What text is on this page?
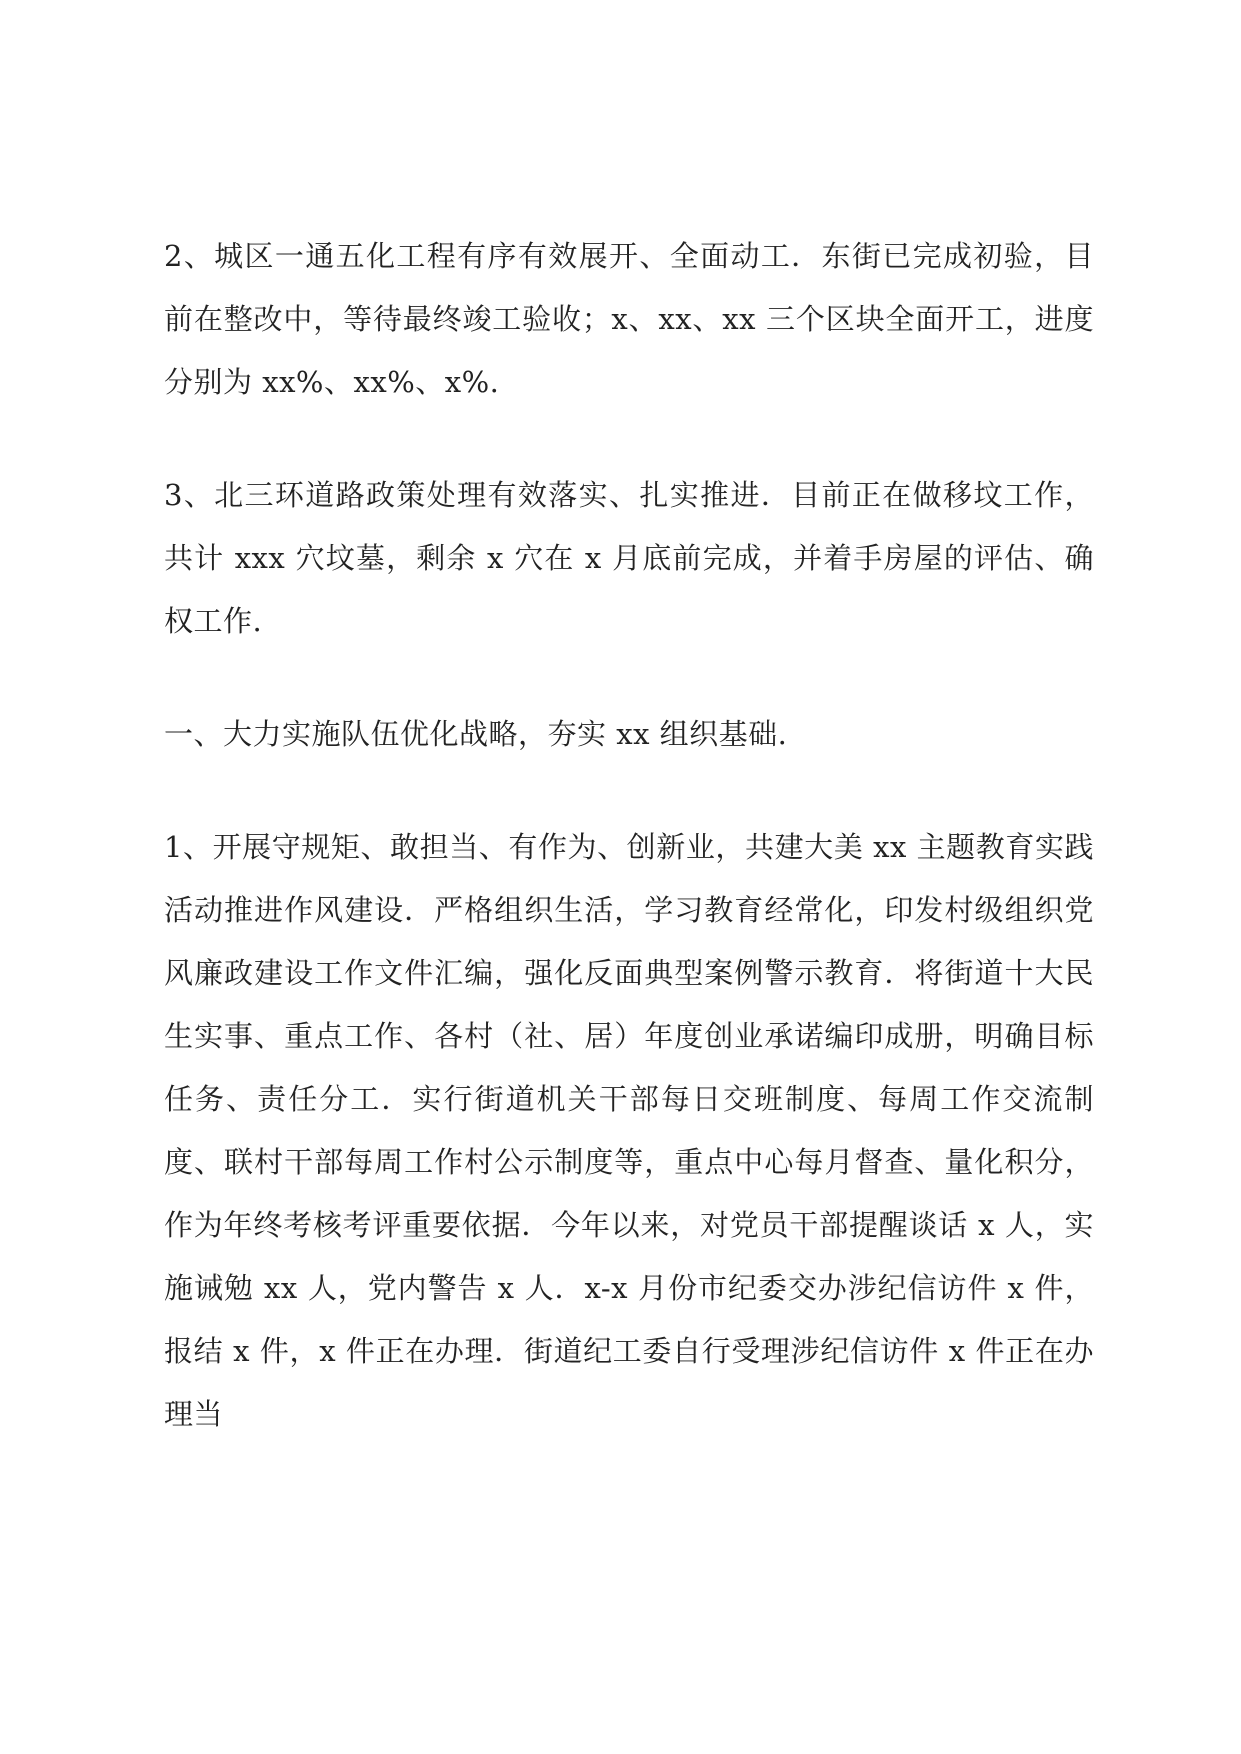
2、城区一通五化工程有序有效展开、全面动工．东街已完成初验，目前在整改中，等待最终竣工验收；x、xx、xx 三个区块全面开工，进度分别为 xx%、xx%、x%.

3、北三环道路政策处理有效落实、扎实推进．目前正在做移坟工作，共计 xxx 穴坟墓，剩余 x 穴在 x 月底前完成，并着手房屋的评估、确权工作.

一、大力实施队伍优化战略，夯实 xx 组织基础.

1、开展守规矩、敢担当、有作为、创新业，共建大美 xx 主题教育实践活动推进作风建设．严格组织生活，学习教育经常化，印发村级组织党风廉政建设工作文件汇编，强化反面典型案例警示教育．将街道十大民生实事、重点工作、各村（社、居）年度创业承诺编印成册，明确目标任务、责任分工．实行街道机关干部每日交班制度、每周工作交流制度、联村干部每周工作村公示制度等，重点中心每月督查、量化积分，作为年终考核考评重要依据．今年以来，对党员干部提醒谈话 x 人，实施诫勉 xx 人，党内警告 x 人．x-x 月份市纪委交办涉纪信访件 x 件，报结 x 件，x 件正在办理．街道纪工委自行受理涉纪信访件 x 件正在办理当
